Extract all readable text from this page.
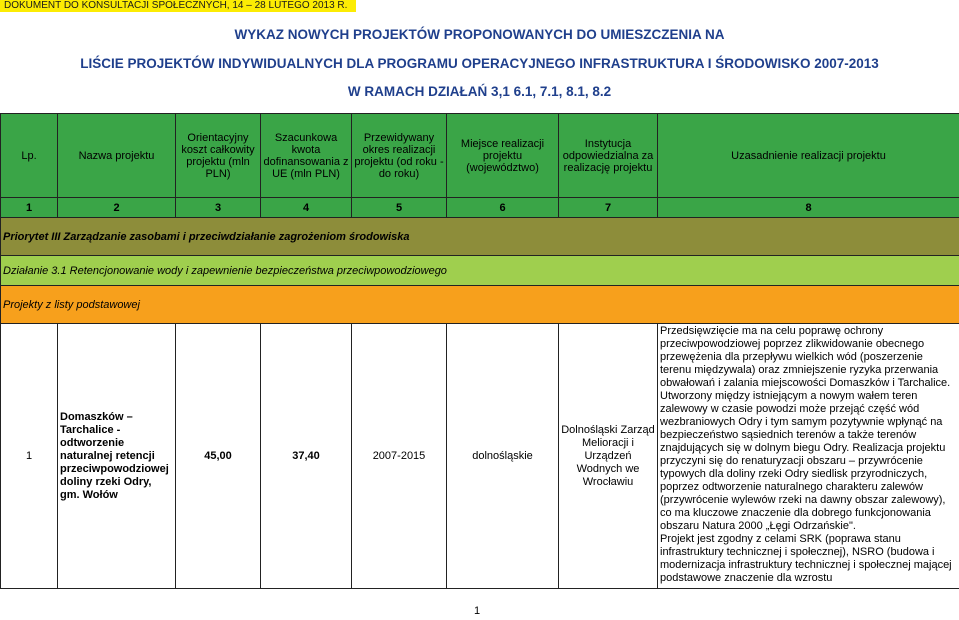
DOKUMENT DO KONSULTACJI SPOŁECZNYCH, 14 – 28 LUTEGO 2013 R.
WYKAZ NOWYCH PROJEKTÓW PROPONOWANYCH DO UMIESZCZENIA NA
LIŚCIE PROJEKTÓW INDYWIDUALNYCH DLA PROGRAMU OPERACYJNEGO INFRASTRUKTURA I ŚRODOWISKO 2007-2013
W RAMACH DZIAŁAŃ 3,1 6.1, 7.1, 8.1, 8.2
Lp.	Nazwa projektu	Orientacyjny koszt całkowity projektu (mln PLN)	Szacunkowa kwota dofinansowania z UE (mln PLN)	Przewidywany okres realizacji projektu (od roku - do roku)	Miejsce realizacji projektu (województwo)	Instytucja odpowiedzialna za realizację projektu	Uzasadnienie realizacji projektu
1	2	3	4	5	6	7	8
Priorytet III Zarządzanie zasobami i przeciwdziałanie zagrożeniom środowiska							
Działanie 3.1 Retencjonowanie wody i zapewnienie bezpieczeństwa przeciwpowodziowego							
Projekty z listy podstawowej							
1	Domaszków – Tarchalice - odtworzenie naturalnej retencji przeciwpowodziowej doliny rzeki Odry, gm. Wołów	45,00	37,40	2007-2015	dolnośląskie	Dolnośląski Zarząd Melioracji i Urządzeń Wodnych we Wrocławiu	Przedsięwzięcie ma na celu poprawę ochrony przeciwpowodziowej poprzez zlikwidowanie obecnego przewężenia dla przepływu wielkich wód (poszerzenie terenu międzywala) oraz zmniejszenie ryzyka przerwania obwałowań i zalania miejscowości Domaszków i Tarchalice. Utworzony między istniejącym a nowym wałem teren zalewowy w czasie powodzi może przejąć część wód wezbraniowych Odry i tym samym pozytywnie wpłynąć na bezpieczeństwo sąsiednich terenów a także terenów znajdujących się w dolnym biegu Odry. Realizacja projektu przyczyni się do renaturyzacji obszaru – przywrócenie typowych dla doliny rzeki Odry siedlisk przyrodniczych, poprzez odtworzenie naturalnego charakteru zalewów (przywrócenie wylewów rzeki na dawny obszar zalewowy), co ma kluczowe znaczenie dla dobrego funkcjonowania obszaru Natura 2000 „Łęgi Odrzańskie".

Projekt jest zgodny z celami SRK (poprawa stanu infrastruktury technicznej i społecznej), NSRO (budowa i modernizacja infrastruktury technicznej i społecznej mającej podstawowe znaczenie dla wzrostu

1
